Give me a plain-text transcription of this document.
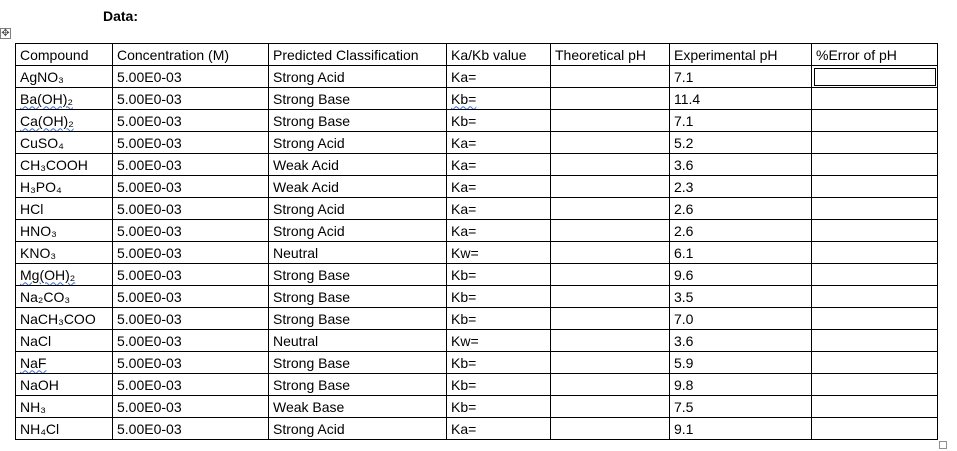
Data:
✥
Compound	Concentration (M)	Predicted Classification	Ka/Kb value	Theoretical pH	Experimental pH	%Error of pH
AgNO₃	5.00E0-03	Strong Acid	Ka=		7.1	
Ba(OH)₂	5.00E0-03	Strong Base	Kb=		11.4	
Ca(OH)₂	5.00E0-03	Strong Base	Kb=		7.1	
CuSO₄	5.00E0-03	Strong Acid	Ka=		5.2	
CH₃COOH	5.00E0-03	Weak Acid	Ka=		3.6	
H₃PO₄	5.00E0-03	Weak Acid	Ka=		2.3	
HCl	5.00E0-03	Strong Acid	Ka=		2.6	
HNO₃	5.00E0-03	Strong Acid	Ka=		2.6	
KNO₃	5.00E0-03	Neutral	Kw=		6.1	
Mg(OH)₂	5.00E0-03	Strong Base	Kb=		9.6	
Na₂CO₃	5.00E0-03	Strong Base	Kb=		3.5	
NaCH₃COO	5.00E0-03	Strong Base	Kb=		7.0	
NaCl	5.00E0-03	Neutral	Kw=		3.6	
NaF	5.00E0-03	Strong Base	Kb=		5.9	
NaOH	5.00E0-03	Strong Base	Kb=		9.8	
NH₃	5.00E0-03	Weak Base	Kb=		7.5	
NH₄Cl	5.00E0-03	Strong Acid	Ka=		9.1	
